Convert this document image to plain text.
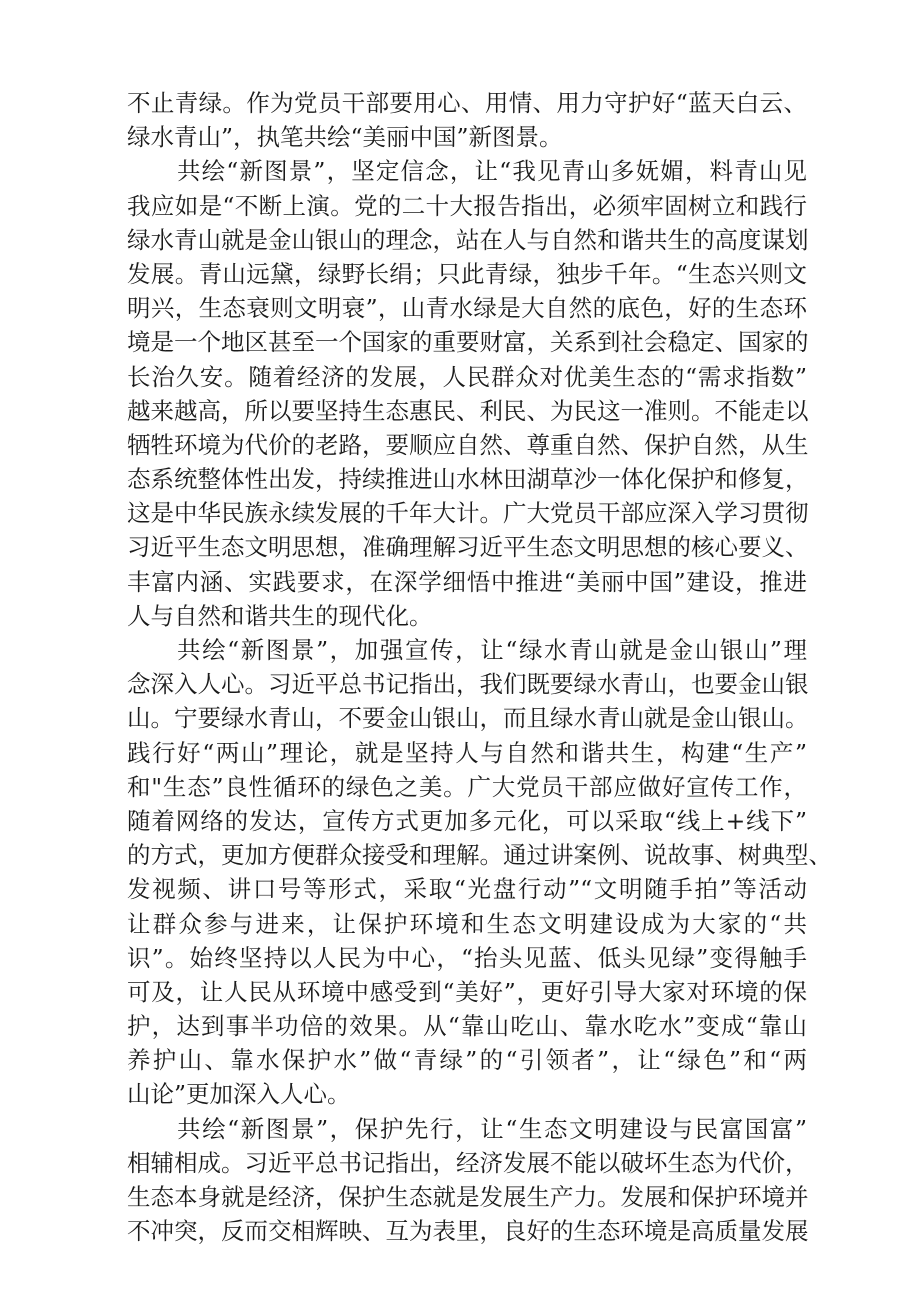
不止青绿。作为党员干部要用心、用情、用力守护好“蓝天白云、
绿水青山”，执笔共绘“美丽中国”新图景。
共绘“新图景”，坚定信念，让“我见青山多妩媚，料青山见
我应如是“不断上演。党的二十大报告指出，必须牢固树立和践行
绿水青山就是金山银山的理念，站在人与自然和谐共生的高度谋划
发展。青山远黛，绿野长绢；只此青绿，独步千年。“生态兴则文
明兴，生态衰则文明衰”，山青水绿是大自然的底色，好的生态环
境是一个地区甚至一个国家的重要财富，关系到社会稳定、国家的
长治久安。随着经济的发展，人民群众对优美生态的“需求指数”
越来越高，所以要坚持生态惠民、利民、为民这一准则。不能走以
牺牲环境为代价的老路，要顺应自然、尊重自然、保护自然，从生
态系统整体性出发，持续推进山水林田湖草沙一体化保护和修复，
这是中华民族永续发展的千年大计。广大党员干部应深入学习贯彻
习近平生态文明思想，准确理解习近平生态文明思想的核心要义、
丰富内涵、实践要求，在深学细悟中推进“美丽中国”建设，推进
人与自然和谐共生的现代化。
共绘“新图景”，加强宣传，让“绿水青山就是金山银山”理
念深入人心。习近平总书记指出，我们既要绿水青山，也要金山银
山。宁要绿水青山，不要金山银山，而且绿水青山就是金山银山。
践行好“两山”理论，就是坚持人与自然和谐共生，构建“生产”
和"生态”良性循环的绿色之美。广大党员干部应做好宣传工作，
随着网络的发达，宣传方式更加多元化，可以采取“线上+线下”
的方式，更加方便群众接受和理解。通过讲案例、说故事、树典型、
发视频、讲口号等形式，采取“光盘行动”“文明随手拍”等活动
让群众参与进来，让保护环境和生态文明建设成为大家的“共
识”。始终坚持以人民为中心，“抬头见蓝、低头见绿”变得触手
可及，让人民从环境中感受到“美好”，更好引导大家对环境的保
护，达到事半功倍的效果。从“靠山吃山、靠水吃水”变成“靠山
养护山、靠水保护水”做“青绿”的“引领者”，让“绿色”和“两
山论”更加深入人心。
共绘“新图景”，保护先行，让“生态文明建设与民富国富”
相辅相成。习近平总书记指出，经济发展不能以破坏生态为代价，
生态本身就是经济，保护生态就是发展生产力。发展和保护环境并
不冲突，反而交相辉映、互为表里，良好的生态环境是高质量发展
